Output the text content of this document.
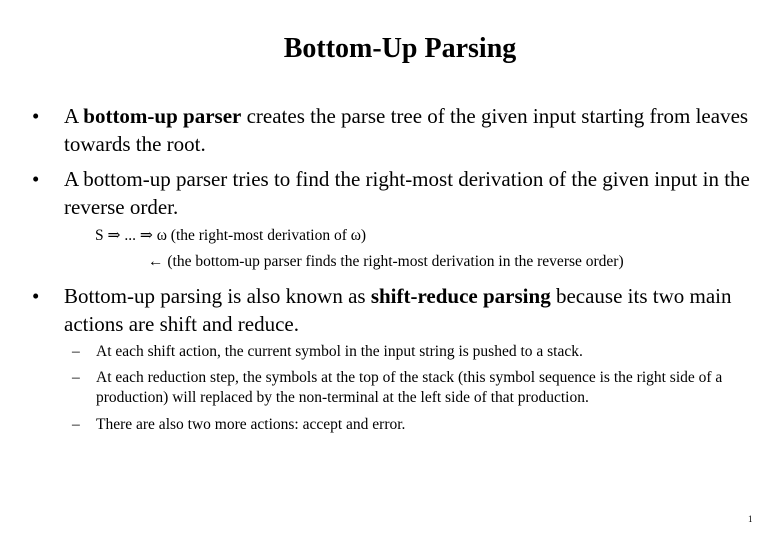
Bottom-Up Parsing
• A bottom-up parser creates the parse tree of the given input starting from leaves towards the root.
• A bottom-up parser tries to find the right-most derivation of the given input in the reverse order.
S ⇒ ... ⇒ ω (the right-most derivation of ω)
← (the bottom-up parser finds the right-most derivation in the reverse order)
• Bottom-up parsing is also known as shift-reduce parsing because its two main actions are shift and reduce.
– At each shift action, the current symbol in the input string is pushed to a stack.
– At each reduction step, the symbols at the top of the stack (this symbol sequence is the right side of a production) will replaced by the non-terminal at the left side of that production.
– There are also two more actions: accept and error.
1
